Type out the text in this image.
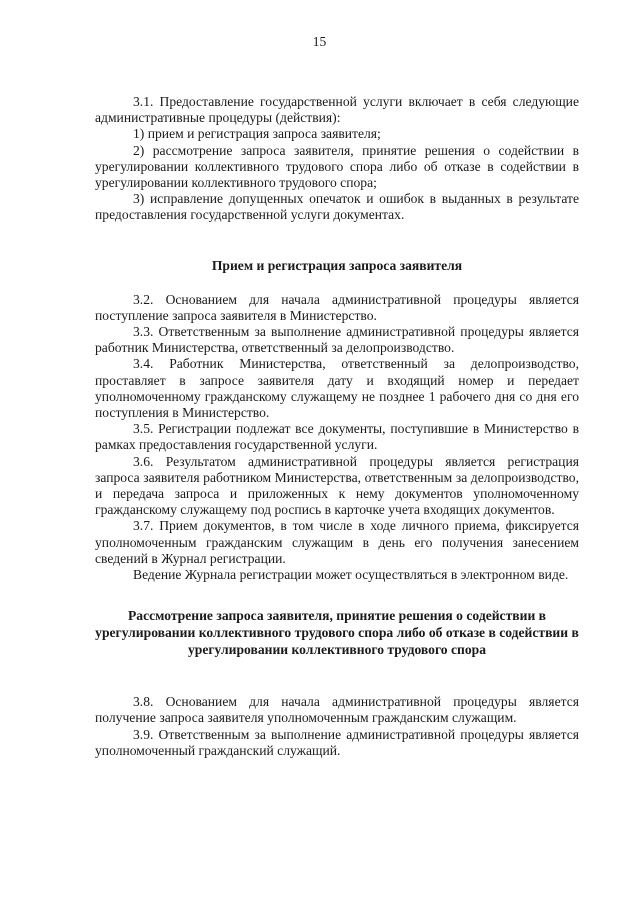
15

3.1. Предоставление государственной услуги включает в себя следующие административные процедуры (действия):

1) прием и регистрация запроса заявителя;

2) рассмотрение запроса заявителя, принятие решения о содействии в урегулировании коллективного трудового спора либо об отказе в содействии в урегулировании коллективного трудового спора;

3) исправление допущенных опечаток и ошибок в выданных в результате предоставления государственной услуги документах.

Прием и регистрация запроса заявителя

3.2. Основанием для начала административной процедуры является поступление запроса заявителя в Министерство.

3.3. Ответственным за выполнение административной процедуры является работник Министерства, ответственный за делопроизводство.

3.4. Работник Министерства, ответственный за делопроизводство, проставляет в запросе заявителя дату и входящий номер и передает уполномоченному гражданскому служащему не позднее 1 рабочего дня со дня его поступления в Министерство.

3.5. Регистрации подлежат все документы, поступившие в Министерство в рамках предоставления государственной услуги.

3.6. Результатом административной процедуры является регистрация запроса заявителя работником Министерства, ответственным за делопроизводство, и передача запроса и приложенных к нему документов уполномоченному гражданскому служащему под роспись в карточке учета входящих документов.

3.7. Прием документов, в том числе в ходе личного приема, фиксируется уполномоченным гражданским служащим в день его получения занесением сведений в Журнал регистрации.

Ведение Журнала регистрации может осуществляться в электронном виде.

Рассмотрение запроса заявителя, принятие решения о содействии в урегулировании коллективного трудового спора либо об отказе в содействии в урегулировании коллективного трудового спора

3.8. Основанием для начала административной процедуры является получение запроса заявителя уполномоченным гражданским служащим.

3.9. Ответственным за выполнение административной процедуры является уполномоченный гражданский служащий.
